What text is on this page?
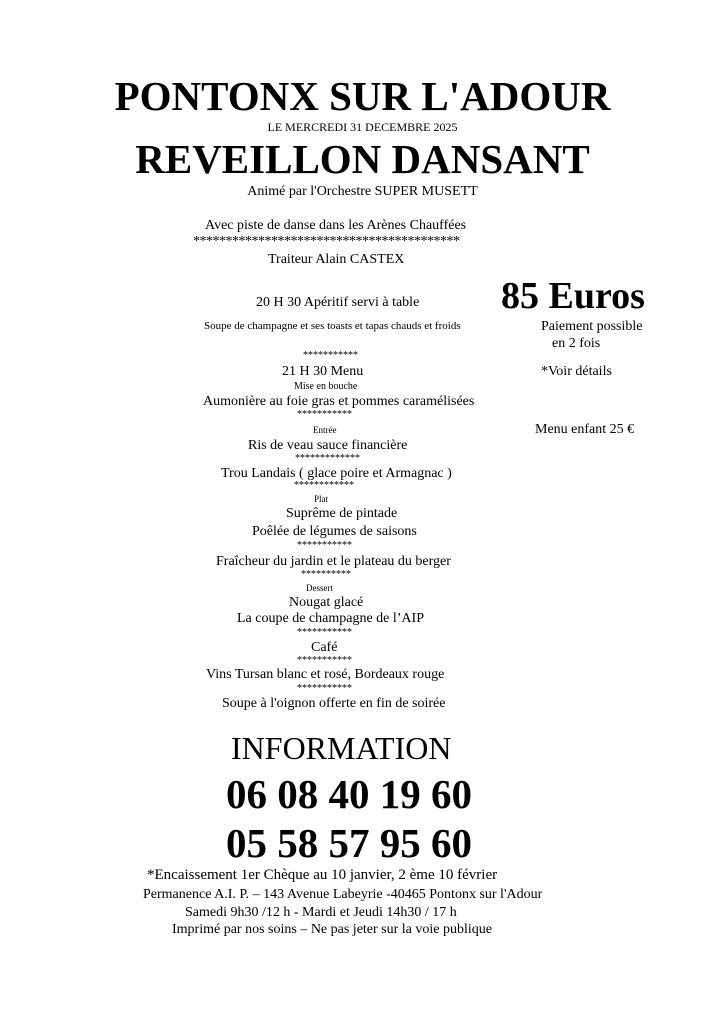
PONTONX SUR L'ADOUR
LE MERCREDI 31 DECEMBRE 2025
REVEILLON DANSANT
Animé par l'Orchestre SUPER MUSETT
Avec piste de danse dans les Arènes Chauffées
*****************************************
Traiteur Alain CASTEX
85 Euros
Paiement possible
en 2 fois
*Voir détails
Menu enfant 25 €
20 H 30 Apéritif servi à table
Soupe de champagne et ses toasts et tapas chauds et froids
***********
21 H 30 Menu
Mise en bouche
Aumonière au foie gras et pommes caramélisées
***********
Entrée
Ris de veau sauce financière
*************
Trou Landais ( glace poire et Armagnac )
************
Plat
Suprême de pintade
Poêlée de légumes de saisons
***********
Fraîcheur du jardin et le plateau du berger
**********
Dessert
Nougat glacé
La coupe de champagne de l’AIP
***********
Café
***********
Vins Tursan blanc et rosé, Bordeaux rouge
***********
Soupe à l'oignon offerte en fin de soirée
INFORMATION
06 08 40 19 60
05 58 57 95 60
*Encaissement 1er Chèque au 10 janvier, 2 ème 10 février
Permanence A.I. P. – 143 Avenue Labeyrie -40465 Pontonx sur l'Adour
Samedi 9h30 /12 h - Mardi et Jeudi 14h30 / 17 h
Imprimé par nos soins – Ne pas jeter sur la voie publique
